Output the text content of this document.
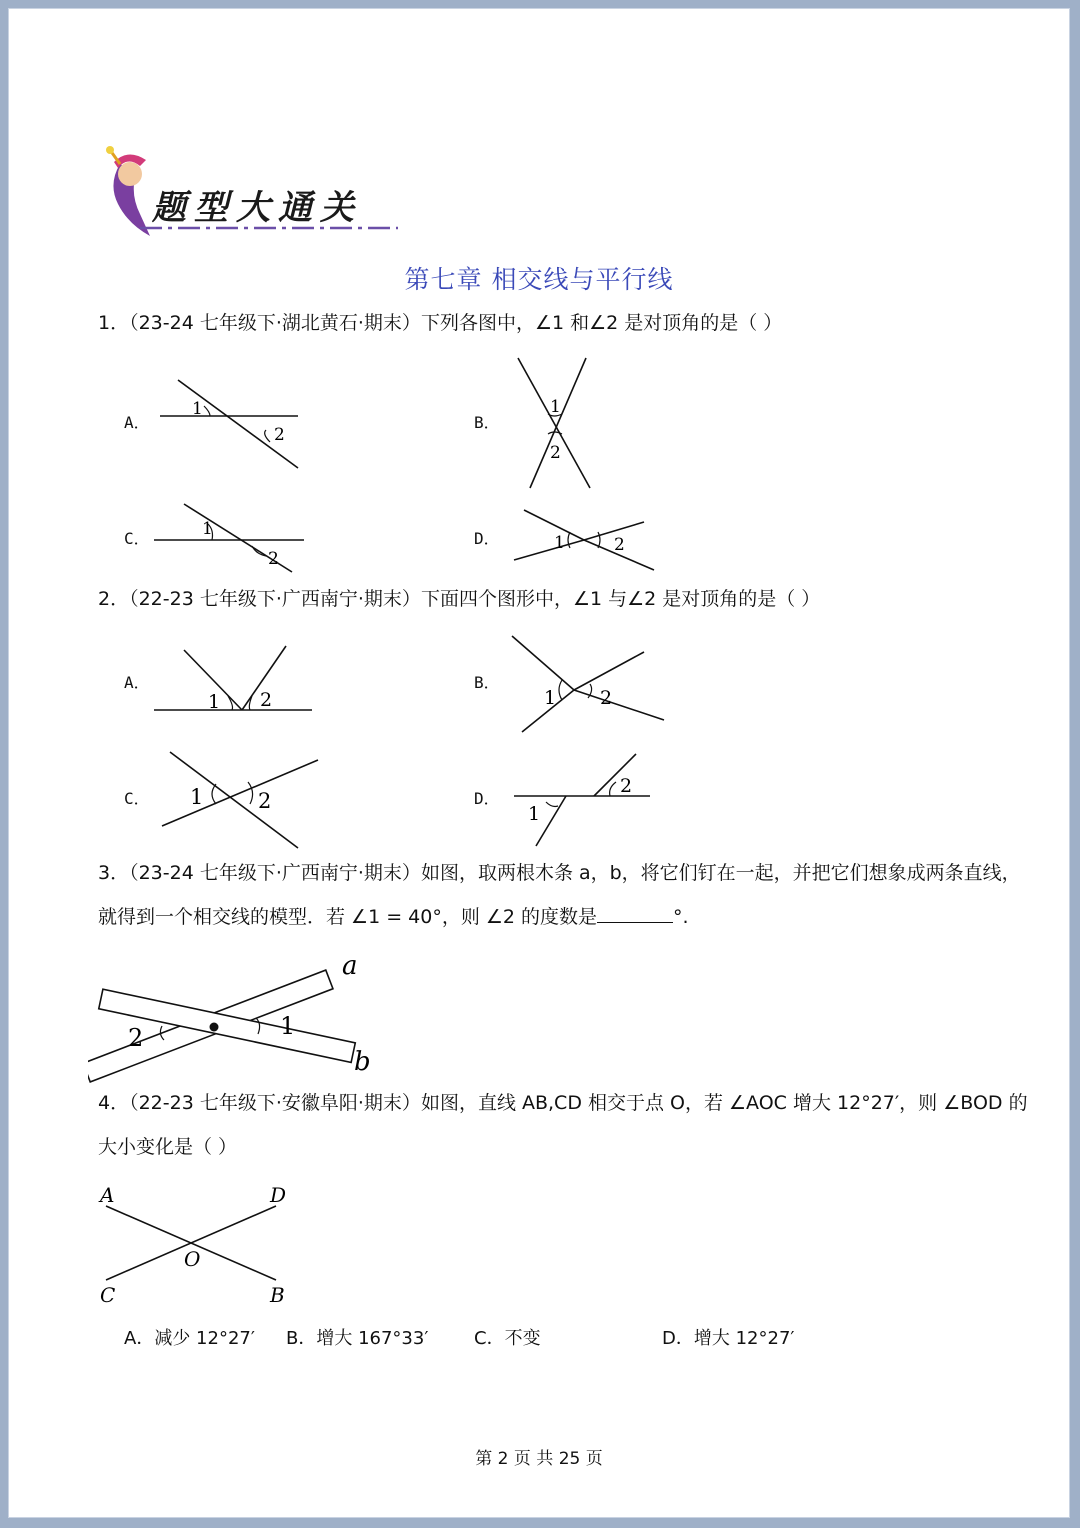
题型大通关
第七章 相交线与平行线
1．（23-24 七年级下·湖北黄石·期末）下列各图中，∠1 和∠2 是对顶角的是（ ）
A．
1
2
B．
1
2
C．	1
2
D．	1	2
2．（22-23 七年级下·广西南宁·期末）下面四个图形中，∠1 与∠2 是对顶角的是（ ）
A．
1 2
B．
1 2
C． 1	2	D．
2
1
3．（23-24 七年级下·广西南宁·期末）如图，取两根木条 a，b，将它们钉在一起，并把它们想象成两条直线，
就得到一个相交线的模型．若 ∠1 = 40°，则 ∠2 的度数是	°.
1
2
a
b
4．（22-23 七年级下·安徽阜阳·期末）如图，直线 AB,CD 相交于点 O，若 ∠AOC 增大 12°27′，则 ∠BOD 的
大小变化是（ ）
A	D
O
C	B
A．减少 12°27′ B．增大 167°33′	C．不变	D．增大 12°27′
第 2 页 共 25 页
